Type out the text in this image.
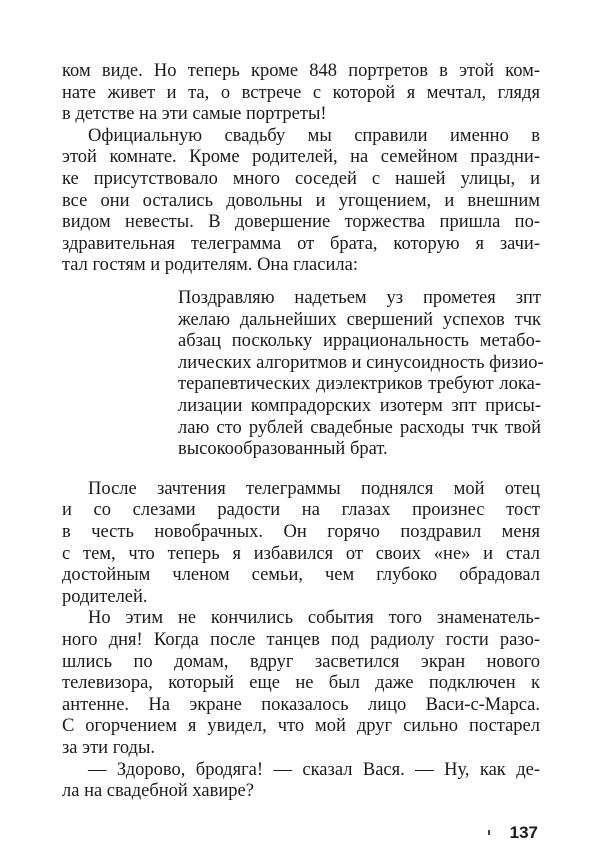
ком виде. Но теперь кроме 848 портретов в этой ком-
нате живет и та, о встрече с которой я мечтал, глядя
в детстве на эти самые портреты!
Официальную свадьбу мы справили именно в
этой комнате. Кроме родителей, на семейном праздни-
ке присутствовало много соседей с нашей улицы, и
все они остались довольны и угощением, и внешним
видом невесты. В довершение торжества пришла по-
здравительная телеграмма от брата, которую я зачи-
тал гостям и родителям. Она гласила:
Поздравляю надетьем уз прометея зпт
желаю дальнейших свершений успехов тчк
абзац поскольку иррациональность метабо-
лических алгоритмов и синусоидность физио-
терапевтических диэлектриков требуют лока-
лизации компрадорских изотерм зпт присы-
лаю сто рублей свадебные расходы тчк твой
высокообразованный брат.
После зачтения телеграммы поднялся мой отец
и со слезами радости на глазах произнес тост
в честь новобрачных. Он горячо поздравил меня
с тем, что теперь я избавился от своих «не» и стал
достойным членом семьи, чем глубоко обрадовал
родителей.
Но этим не кончились события того знаменатель-
ного дня! Когда после танцев под радиолу гости разо-
шлись по домам, вдруг засветился экран нового
телевизора, который еще не был даже подключен к
антенне. На экране показалось лицо Васи-с-Марса.
С огорчением я увидел, что мой друг сильно постарел
за эти годы.
— Здорово, бродяга! — сказал Вася. — Ну, как де-
ла на свадебной хавире?
137
